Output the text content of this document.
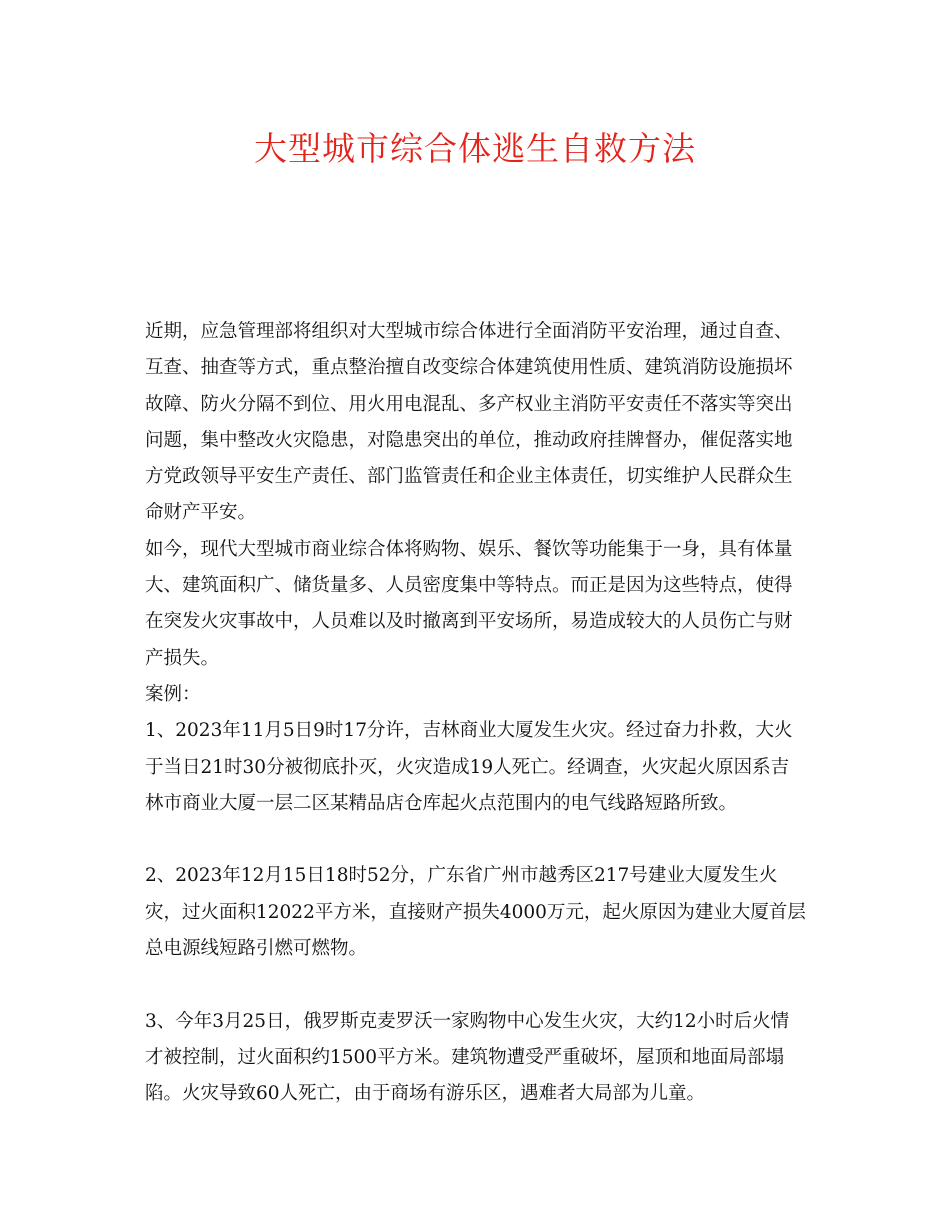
大型城市综合体逃生自救方法
近期，应急管理部将组织对大型城市综合体进行全面消防平安治理，通过自查、
互查、抽查等方式，重点整治擅自改变综合体建筑使用性质、建筑消防设施损坏
故障、防火分隔不到位、用火用电混乱、多产权业主消防平安责任不落实等突出
问题，集中整改火灾隐患，对隐患突出的单位，推动政府挂牌督办，催促落实地
方党政领导平安生产责任、部门监管责任和企业主体责任，切实维护人民群众生
命财产平安。
如今，现代大型城市商业综合体将购物、娱乐、餐饮等功能集于一身，具有体量
大、建筑面积广、储货量多、人员密度集中等特点。而正是因为这些特点，使得
在突发火灾事故中，人员难以及时撤离到平安场所，易造成较大的人员伤亡与财
产损失。
案例：
1、2023年11月5日9时17分许，吉林商业大厦发生火灾。经过奋力扑救，大火
于当日21时30分被彻底扑灭，火灾造成19人死亡。经调查，火灾起火原因系吉
林市商业大厦一层二区某精品店仓库起火点范围内的电气线路短路所致。
2、2023年12月15日18时52分，广东省广州市越秀区217号建业大厦发生火
灾，过火面积12022平方米，直接财产损失4000万元，起火原因为建业大厦首层
总电源线短路引燃可燃物。
3、今年3月25日，俄罗斯克麦罗沃一家购物中心发生火灾，大约12小时后火情
才被控制，过火面积约1500平方米。建筑物遭受严重破坏，屋顶和地面局部塌
陷。火灾导致60人死亡，由于商场有游乐区，遇难者大局部为儿童。
